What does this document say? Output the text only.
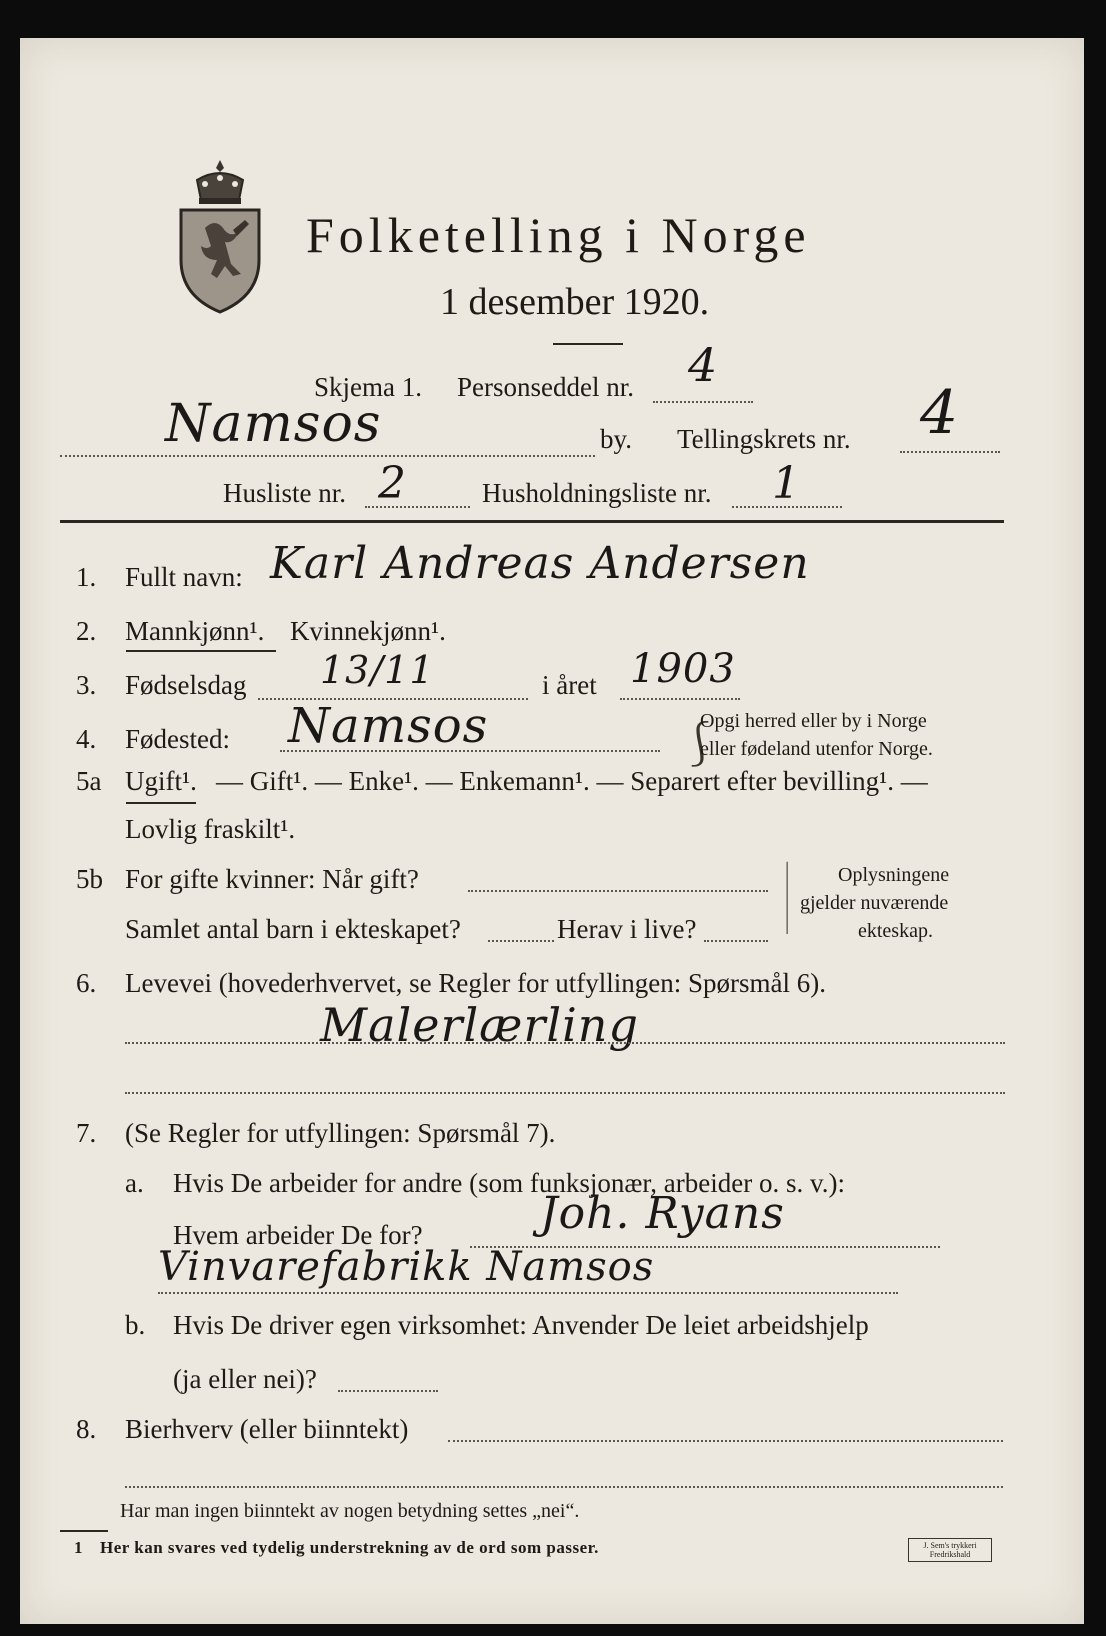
Folketelling i Norge
1 desember 1920.
Skjema 1. Personseddel nr. 4
Namsos	by. Tellingskrets nr. 4
Husliste nr. 2	Husholdningsliste nr. 1
1. Fullt navn: Karl Andreas Andersen
2. Mannkjønn¹. Kvinnekjønn¹.
3. Fødselsdag 13/11	i året 1903
4. Fødested: Namsos	⎰
Opgi herred eller by i Norge
eller fødeland utenfor Norge.
5a Ugift¹. — Gift¹. — Enke¹. — Enkemann¹. — Separert efter bevilling¹. —
Lovlig fraskilt¹.
5b For gifte kvinner: Når gift?
Samlet antal barn i ekteskapet?	Herav i live?
│
│
│
Oplysningene
gjelder nuværende
ekteskap.
6. Levevei (hovederhvervet, se Regler for utfyllingen: Spørsmål 6).
Malerlærling
7. (Se Regler for utfyllingen: Spørsmål 7).
a. Hvis De arbeider for andre (som funksjonær, arbeider o. s. v.):
Hvem arbeider De for?	Joh. Ryans
Vinvarefabrikk Namsos
b. Hvis De driver egen virksomhet: Anvender De leiet arbeidshjelp
(ja eller nei)?
8. Bierhverv (eller biinntekt)
Har man ingen biinntekt av nogen betydning settes „nei“.
1 Her kan svares ved tydelig understrekning av de ord som passer.	J. Sem's trykkeri Fredrikshald
